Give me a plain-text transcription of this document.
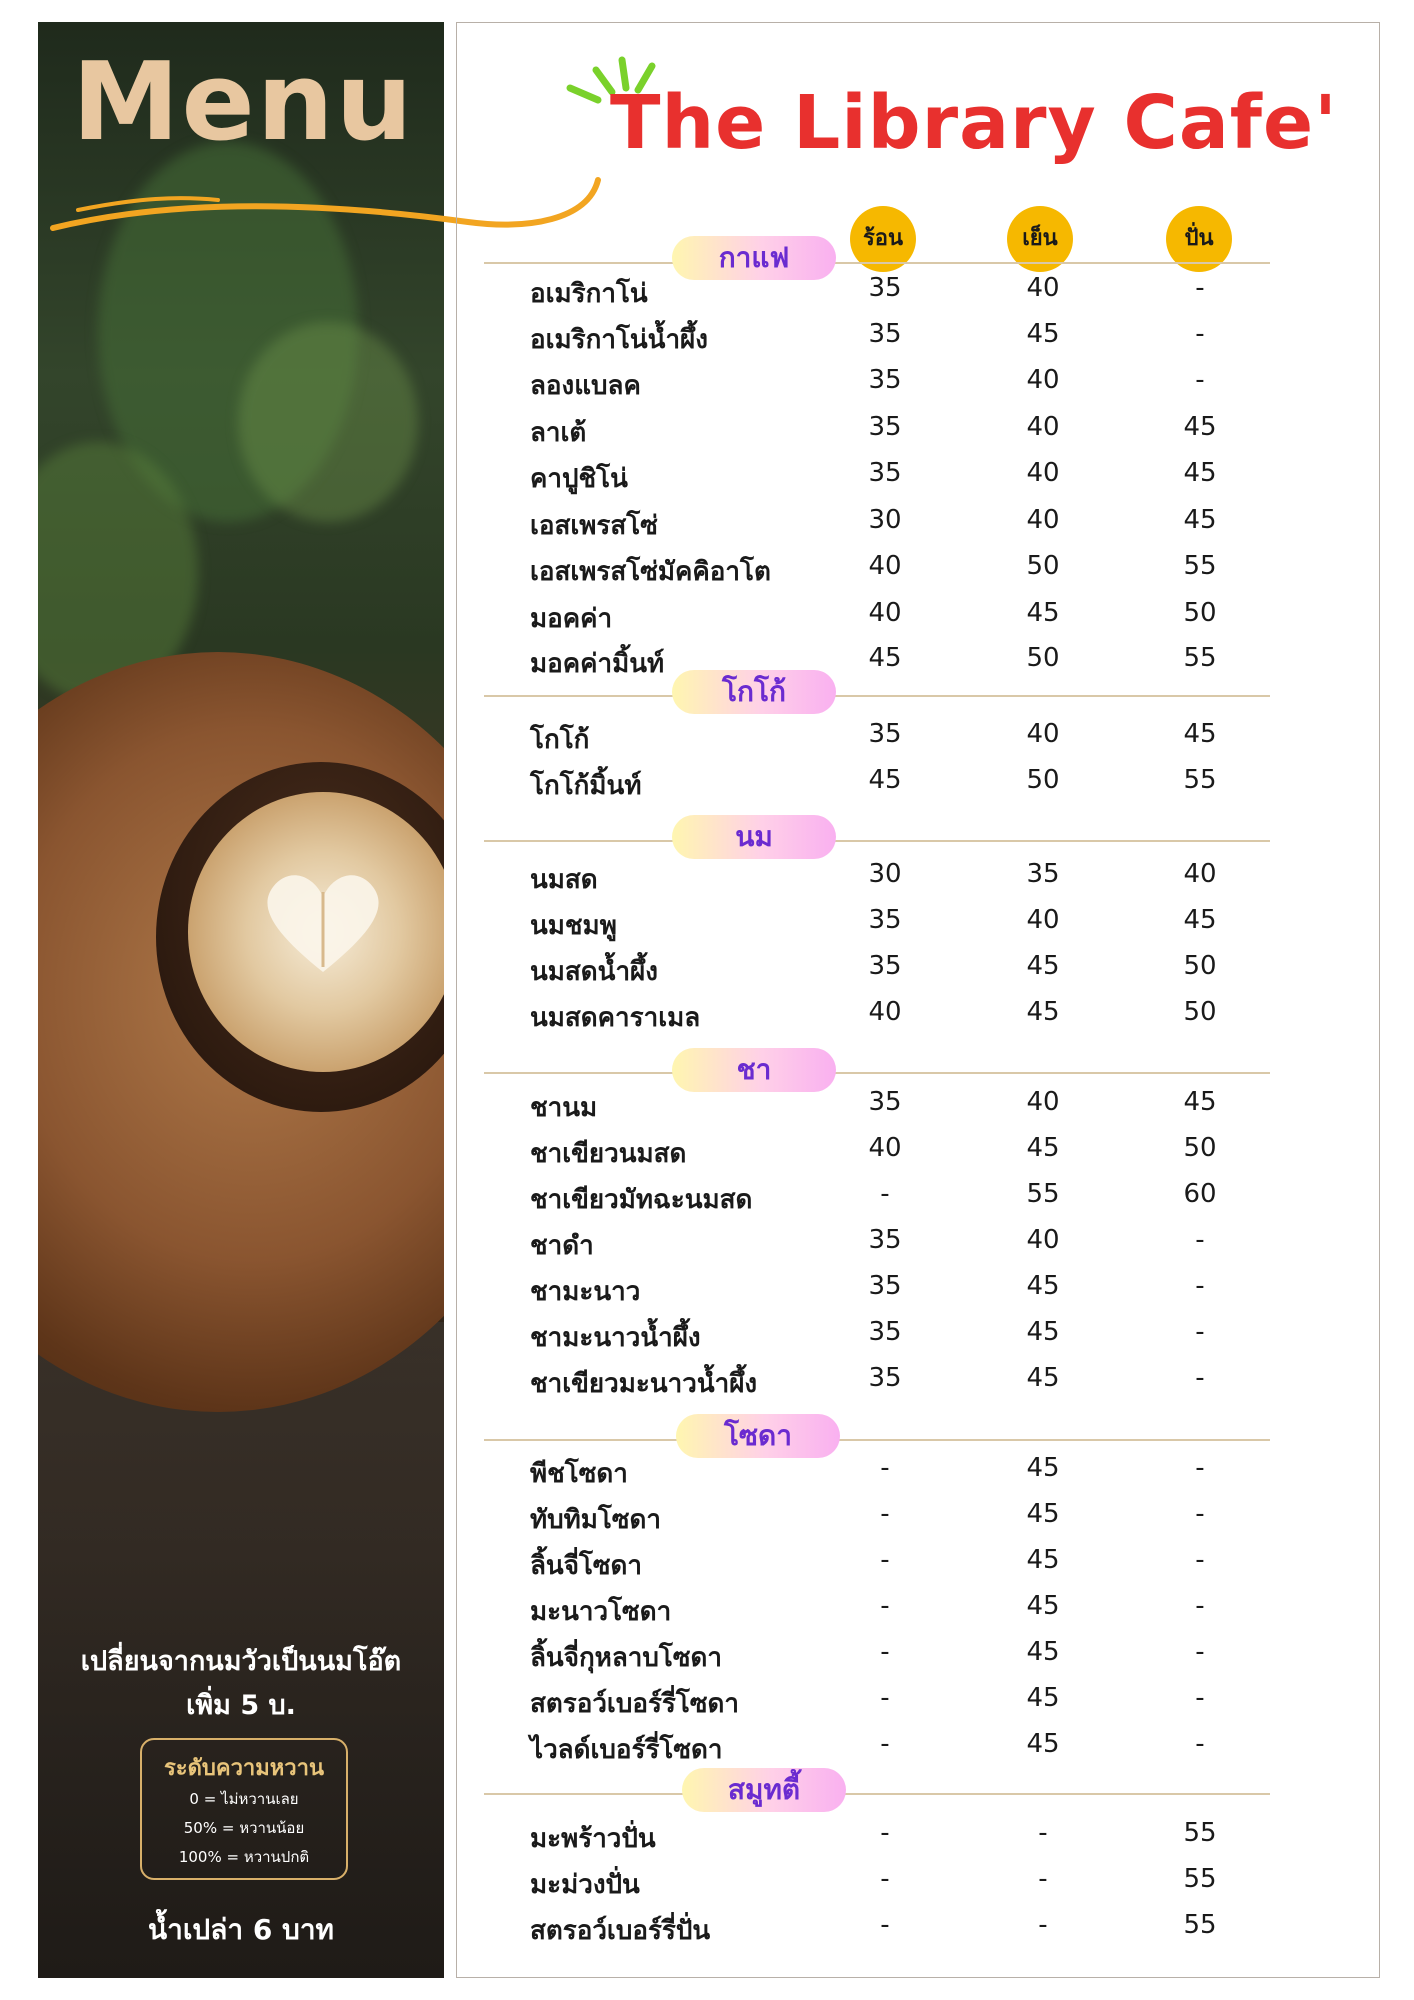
Menu
เปลี่ยนจากนมวัวเป็นนมโอ๊ต
เพิ่ม 5 บ.
ระดับความหวาน
0 = ไม่หวานเลย
50% = หวานน้อย
100% = หวานปกติ
น้ำเปล่า 6 บาท
The Library Cafe'
ร้อน	เย็น	ปั่น
กาแฟ
อเมริกาโน่	35	40	-
อเมริกาโน่น้ำผึ้ง	35	45	-
ลองแบลค	35	40	-
ลาเต้	35	40	45
คาปูชิโน่	35	40	45
เอสเพรสโซ่	30	40	45
เอสเพรสโซ่มัคคิอาโต	40	50	55
มอคค่า	40	45	50
มอคค่ามิ้นท์	45	50	55
โกโก้
โกโก้	35	40	45
โกโก้มิ้นท์	45	50	55
นม
นมสด	30	35	40
นมชมพู	35	40	45
นมสดน้ำผึ้ง	35	45	50
นมสดคาราเมล	40	45	50
ชา
ชานม	35	40	45
ชาเขียวนมสด	40	45	50
ชาเขียวมัทฉะนมสด	-	55	60
ชาดำ	35	40	-
ชามะนาว	35	45	-
ชามะนาวน้ำผึ้ง	35	45	-
ชาเขียวมะนาวน้ำผึ้ง	35	45	-
โซดา
พีชโซดา	-	45	-
ทับทิมโซดา	-	45	-
ลิ้นจี่โซดา	-	45	-
มะนาวโซดา	-	45	-
ลิ้นจี่กุหลาบโซดา	-	45	-
สตรอว์เบอร์รี่โซดา	-	45	-
ไวลด์เบอร์รี่โซดา	-	45	-
สมูทตี้
มะพร้าวปั่น	-	-	55
มะม่วงปั่น	-	-	55
สตรอว์เบอร์รี่ปั่น	-	-	55
